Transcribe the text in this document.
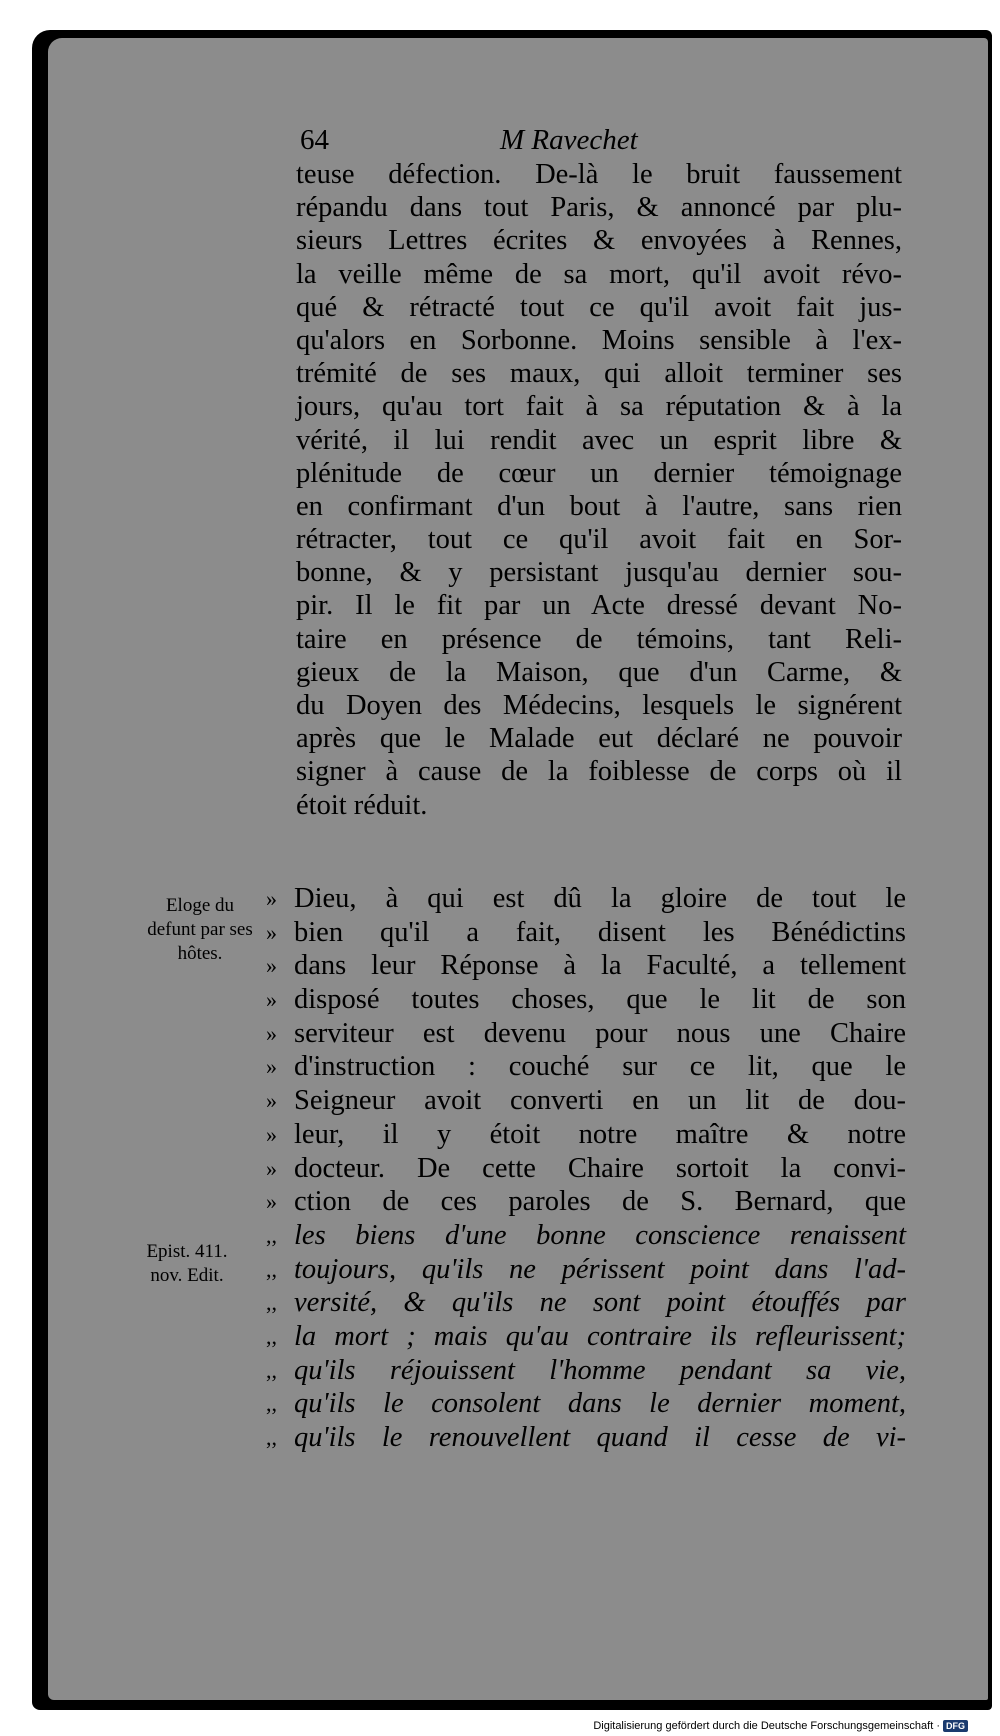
64	M Ravechet
teuse défection. De-là le bruit faussement
répandu dans tout Paris, & annoncé par plu-
sieurs Lettres écrites & envoyées à Rennes,
la veille même de sa mort, qu'il avoit révo-
qué & rétracté tout ce qu'il avoit fait jus-
qu'alors en Sorbonne. Moins sensible à l'ex-
trémité de ses maux, qui alloit terminer ses
jours, qu'au tort fait à sa réputation & à la
vérité, il lui rendit avec un esprit libre &
plénitude de cœur un dernier témoignage
en confirmant d'un bout à l'autre, sans rien
rétracter, tout ce qu'il avoit fait en Sor-
bonne, & y persistant jusqu'au dernier sou-
pir. Il le fit par un Acte dressé devant No-
taire en présence de témoins, tant Reli-
gieux de la Maison, que d'un Carme, &
du Doyen des Médecins, lesquels le signérent
après que le Malade eut déclaré ne pouvoir
signer à cause de la foiblesse de corps où il
étoit réduit.
Eloge du
defunt par ses
hôtes.
» Dieu, à qui est dû la gloire de tout le
» bien qu'il a fait, disent les Bénédictins
» dans leur Réponse à la Faculté, a tellement
» disposé toutes choses, que le lit de son
» serviteur est devenu pour nous une Chaire
» d'instruction : couché sur ce lit, que le
» Seigneur avoit converti en un lit de dou-
» leur, il y étoit notre maître & notre
» docteur. De cette Chaire sortoit la convi-
» ction de ces paroles de S. Bernard, que
,, les biens d'une bonne conscience renaissent
,, toujours, qu'ils ne périssent point dans l'ad-
,, versité, & qu'ils ne sont point étouffés par
,, la mort ; mais qu'au contraire ils refleurissent;
,, qu'ils réjouissent l'homme pendant sa vie,
,, qu'ils le consolent dans le dernier moment,
,, qu'ils le renouvellent quand il cesse de vi-
Epist. 411.
nov. Edit.
Digitalisierung gefördert durch die Deutsche Forschungsgemeinschaft · DFG
